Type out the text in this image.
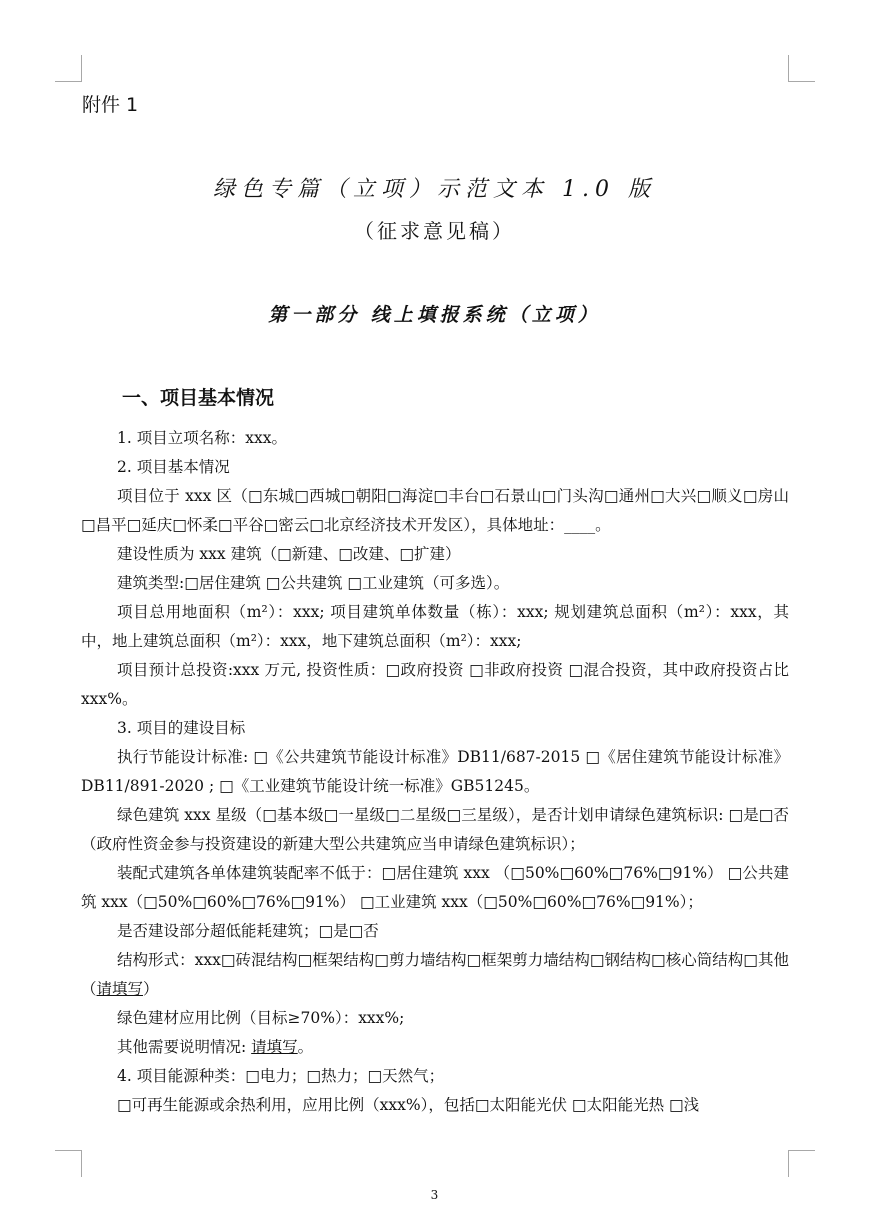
附件 1
绿色专篇（立项）示范文本 1.0 版
（征求意见稿）
第一部分 线上填报系统（立项）
一、项目基本情况

1. 项目立项名称：xxx。

2. 项目基本情况

项目位于 xxx 区（□东城□西城□朝阳□海淀□丰台□石景山□门头沟□通州□大兴□顺义□房山□昌平□延庆□怀柔□平谷□密云□北京经济技术开发区），具体地址：____。

建设性质为 xxx 建筑（□新建、□改建、□扩建）

建筑类型:□居住建筑 □公共建筑 □工业建筑（可多选）。

项目总用地面积（m²）：xxx; 项目建筑单体数量（栋）：xxx; 规划建筑总面积（m²）：xxx，其中，地上建筑总面积（m²）：xxx，地下建筑总面积（m²）：xxx;

项目预计总投资:xxx 万元, 投资性质：□政府投资 □非政府投资 □混合投资，其中政府投资占比 xxx%。

3. 项目的建设目标

执行节能设计标准: □《公共建筑节能设计标准》DB11/687-2015 □《居住建筑节能设计标准》DB11/891-2020 ; □《工业建筑节能设计统一标准》GB51245。

绿色建筑 xxx 星级（□基本级□一星级□二星级□三星级），是否计划申请绿色建筑标识: □是□否（政府性资金参与投资建设的新建大型公共建筑应当申请绿色建筑标识）；

装配式建筑各单体建筑装配率不低于：□居住建筑 xxx （□50%□60%□76%□91%） □公共建筑 xxx（□50%□60%□76%□91%） □工业建筑 xxx（□50%□60%□76%□91%）；

是否建设部分超低能耗建筑；□是□否

结构形式：xxx□砖混结构□框架结构□剪力墙结构□框架剪力墙结构□钢结构□核心筒结构□其他（请填写）

绿色建材应用比例（目标≥70%）：xxx%;

其他需要说明情况: 请填写。

4. 项目能源种类：□电力；□热力；□天然气；

□可再生能源或余热利用，应用比例（xxx%），包括□太阳能光伏 □太阳能光热 □浅

3
